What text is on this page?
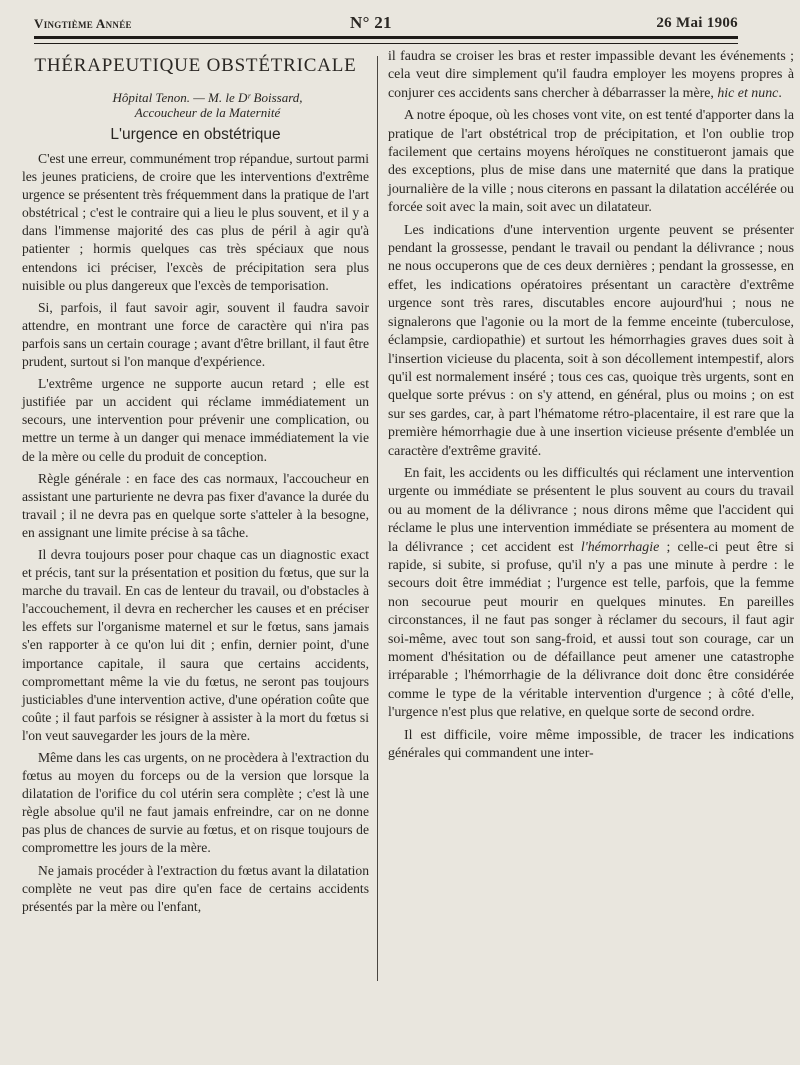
Vingtième Année	N° 21	26 Mai 1906
THÉRAPEUTIQUE OBSTÉTRICALE
Hôpital Tenon. — M. le Dʳ Boissard,
Accoucheur de la Maternité
L'urgence en obstétrique

C'est une erreur, communément trop répandue, surtout parmi les jeunes praticiens, de croire que les interventions d'extrême urgence se présentent très fréquemment dans la pratique de l'art obstétrical ; c'est le contraire qui a lieu le plus souvent, et il y a dans l'immense majorité des cas plus de péril à agir qu'à patienter ; hormis quelques cas très spéciaux que nous entendons ici préciser, l'excès de précipitation sera plus nuisible ou plus dangereux que l'excès de temporisation.

Si, parfois, il faut savoir agir, souvent il faudra savoir attendre, en montrant une force de caractère qui n'ira pas parfois sans un certain courage ; avant d'être brillant, il faut être prudent, surtout si l'on manque d'expérience.

L'extrême urgence ne supporte aucun retard ; elle est justifiée par un accident qui réclame immédiatement un secours, une intervention pour prévenir une complication, ou mettre un terme à un danger qui menace immédiatement la vie de la mère ou celle du produit de conception.

Règle générale : en face des cas normaux, l'accoucheur en assistant une parturiente ne devra pas fixer d'avance la durée du travail ; il ne devra pas en quelque sorte s'atteler à la besogne, en assignant une limite précise à sa tâche.

Il devra toujours poser pour chaque cas un diagnostic exact et précis, tant sur la présentation et position du fœtus, que sur la marche du travail. En cas de lenteur du travail, ou d'obstacles à l'accouchement, il devra en rechercher les causes et en préciser les effets sur l'organisme maternel et sur le fœtus, sans jamais s'en rapporter à ce qu'on lui dit ; enfin, dernier point, d'une importance capitale, il saura que certains accidents, compromettant même la vie du fœtus, ne seront pas toujours justiciables d'une intervention active, d'une opération coûte que coûte ; il faut parfois se résigner à assister à la mort du fœtus si l'on veut sauvegarder les jours de la mère.

Même dans les cas urgents, on ne procèdera à l'extraction du fœtus au moyen du forceps ou de la version que lorsque la dilatation de l'orifice du col utérin sera complète ; c'est là une règle absolue qu'il ne faut jamais enfreindre, car on ne donne pas plus de chances de survie au fœtus, et on risque toujours de compromettre les jours de la mère.

Ne jamais procéder à l'extraction du fœtus avant la dilatation complète ne veut pas dire qu'en face de certains accidents présentés par la mère ou l'enfant,

il faudra se croiser les bras et rester impassible devant les événements ; cela veut dire simplement qu'il faudra employer les moyens propres à conjurer ces accidents sans chercher à débarrasser la mère, hic et nunc.

A notre époque, où les choses vont vite, on est tenté d'apporter dans la pratique de l'art obstétrical trop de précipitation, et l'on oublie trop facilement que certains moyens héroïques ne constitueront jamais que des exceptions, plus de mise dans une maternité que dans la pratique journalière de la ville ; nous citerons en passant la dilatation accélérée ou forcée soit avec la main, soit avec un dilatateur.

Les indications d'une intervention urgente peuvent se présenter pendant la grossesse, pendant le travail ou pendant la délivrance ; nous ne nous occuperons que de ces deux dernières ; pendant la grossesse, en effet, les indications opératoires présentant un caractère d'extrême urgence sont très rares, discutables encore aujourd'hui ; nous ne signalerons que l'agonie ou la mort de la femme enceinte (tuberculose, éclampsie, cardiopathie) et surtout les hémorrhagies graves dues soit à l'insertion vicieuse du placenta, soit à son décollement intempestif, alors qu'il est normalement inséré ; tous ces cas, quoique très urgents, sont en quelque sorte prévus : on s'y attend, en général, plus ou moins ; on est sur ses gardes, car, à part l'hématome rétro-placentaire, il est rare que la première hémorrhagie due à une insertion vicieuse présente d'emblée un caractère d'extrême gravité.

En fait, les accidents ou les difficultés qui réclament une intervention urgente ou immédiate se présentent le plus souvent au cours du travail ou au moment de la délivrance ; nous dirons même que l'accident qui réclame le plus une intervention immédiate se présentera au moment de la délivrance ; cet accident est l'hémorrhagie ; celle-ci peut être si rapide, si subite, si profuse, qu'il n'y a pas une minute à perdre : le secours doit être immédiat ; l'urgence est telle, parfois, que la femme non secourue peut mourir en quelques minutes. En pareilles circonstances, il ne faut pas songer à réclamer du secours, il faut agir soi-même, avec tout son sang-froid, et aussi tout son courage, car un moment d'hésitation ou de défaillance peut amener une catastrophe irréparable ; l'hémorrhagie de la délivrance doit donc être considérée comme le type de la véritable intervention d'urgence ; à côté d'elle, l'urgence n'est plus que relative, en quelque sorte de second ordre.

Il est difficile, voire même impossible, de tracer les indications générales qui commandent une inter-
